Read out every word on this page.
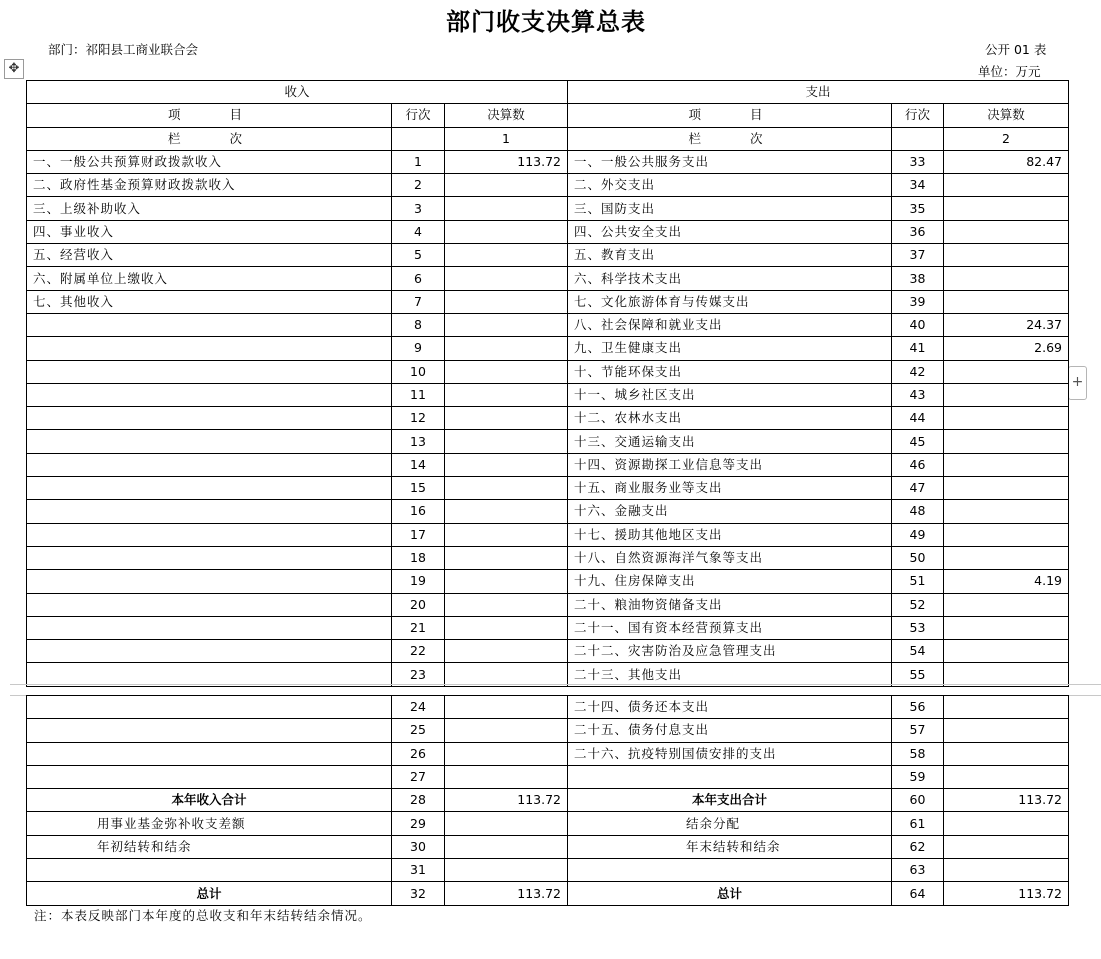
部门收支决算总表
部门：祁阳县工商业联合会	公开 01 表
单位：万元
✥
+
收入			支出		
项　　目	行次	决算数	项　　目	行次	决算数
栏　　次		1	栏　　次		2
一、一般公共预算财政拨款收入	1	113.72	一、一般公共服务支出	33	82.47
二、政府性基金预算财政拨款收入	2		二、外交支出	34	
三、上级补助收入	3		三、国防支出	35	
四、事业收入	4		四、公共安全支出	36	
五、经营收入	5		五、教育支出	37	
六、附属单位上缴收入	6		六、科学技术支出	38	
七、其他收入	7		七、文化旅游体育与传媒支出	39	
	8		八、社会保障和就业支出	40	24.37
	9		九、卫生健康支出	41	2.69
	10		十、节能环保支出	42	
	11		十一、城乡社区支出	43	
	12		十二、农林水支出	44	
	13		十三、交通运输支出	45	
	14		十四、资源勘探工业信息等支出	46	
	15		十五、商业服务业等支出	47	
	16		十六、金融支出	48	
	17		十七、援助其他地区支出	49	
	18		十八、自然资源海洋气象等支出	50	
	19		十九、住房保障支出	51	4.19
	20		二十、粮油物资储备支出	52	
	21		二十一、国有资本经营预算支出	53	
	22		二十二、灾害防治及应急管理支出	54	
	23		二十三、其他支出	55	
	24		二十四、债务还本支出	56	
	25		二十五、债务付息支出	57	
	26		二十六、抗疫特别国债安排的支出	58	
	27			59	
本年收入合计	28	113.72	本年支出合计	60	113.72
用事业基金弥补收支差额	29		结余分配	61	
年初结转和结余	30		年末结转和结余	62	
	31			63	
总计	32	113.72	总计	64	113.72
注：本表反映部门本年度的总收支和年末结转结余情况。
